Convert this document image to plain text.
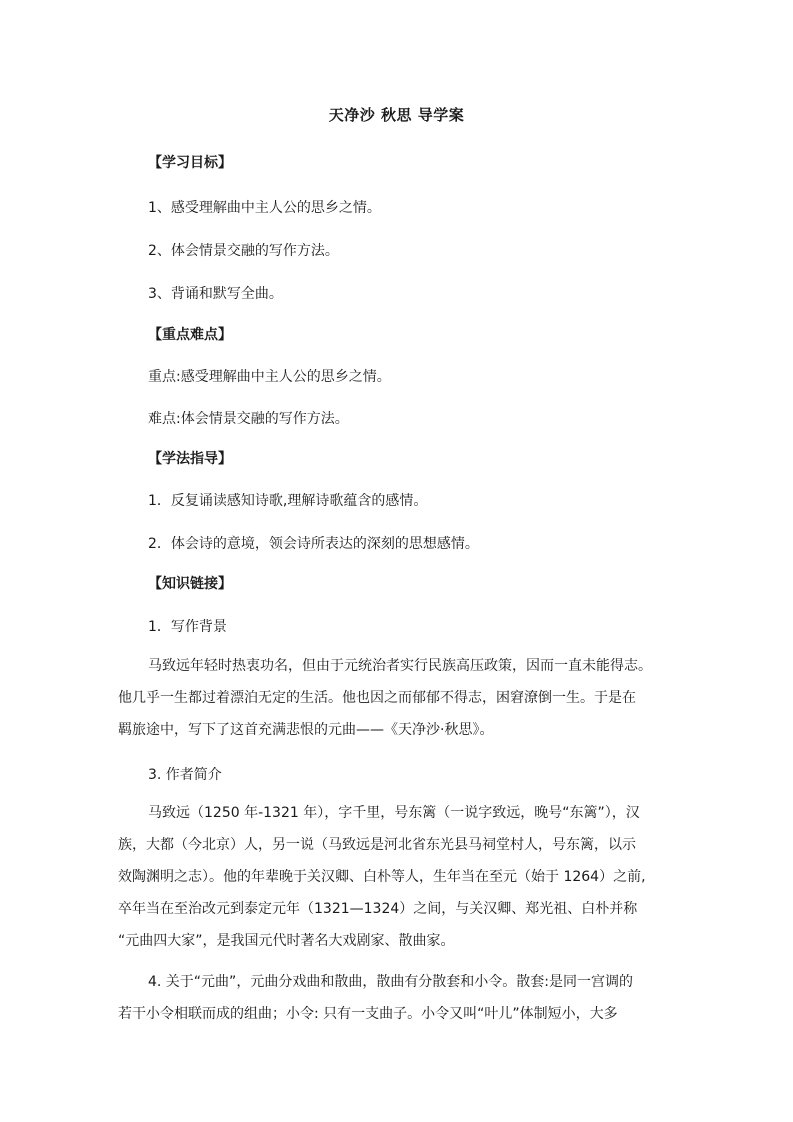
天净沙 秋思 导学案
【学习目标】
1、感受理解曲中主人公的思乡之情。
2、体会情景交融的写作方法。
3、背诵和默写全曲。
【重点难点】
重点:感受理解曲中主人公的思乡之情。
难点:体会情景交融的写作方法。
【学法指导】
1．反复诵读感知诗歌,理解诗歌蕴含的感情。
2．体会诗的意境，领会诗所表达的深刻的思想感情。
【知识链接】
1．写作背景
马致远年轻时热衷功名，但由于元统治者实行民族高压政策，因而一直未能得志。
他几乎一生都过着漂泊无定的生活。他也因之而郁郁不得志，困窘潦倒一生。于是在
羁旅途中，写下了这首充满悲恨的元曲——《天净沙·秋思》。
3. 作者简介
马致远（1250 年-1321 年），字千里，号东篱（一说字致远，晚号“东篱”），汉
族，大都（今北京）人，另一说（马致远是河北省东光县马祠堂村人，号东篱，以示
效陶渊明之志）。他的年辈晚于关汉卿、白朴等人，生年当在至元（始于 1264）之前,
卒年当在至治改元到泰定元年（1321—1324）之间，与关汉卿、郑光祖、白朴并称
“元曲四大家”，是我国元代时著名大戏剧家、散曲家。
4. 关于“元曲”，元曲分戏曲和散曲，散曲有分散套和小令。散套:是同一宫调的
若干小令相联而成的组曲；小令: 只有一支曲子。小令又叫“叶儿”体制短小，大多
